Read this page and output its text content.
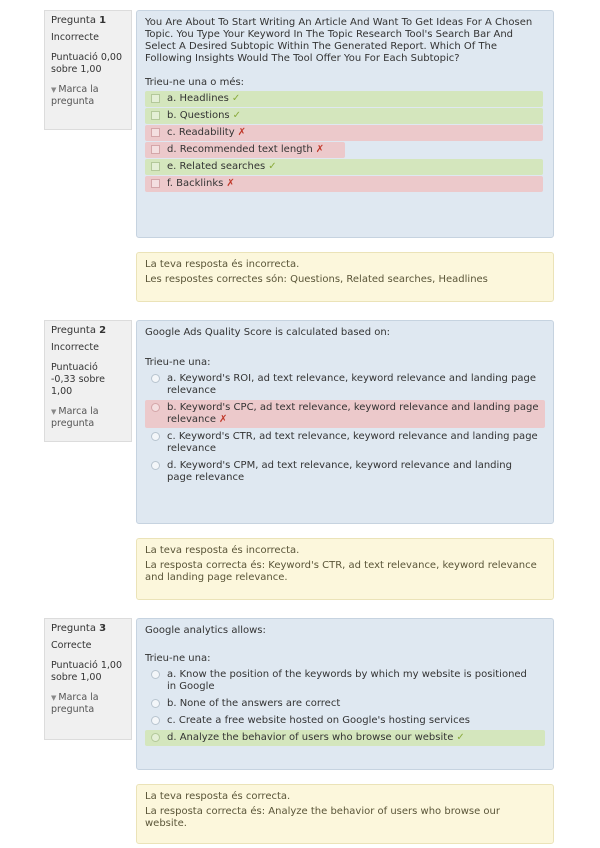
Pregunta 1
Incorrecte
Puntuació 0,00 sobre 1,00
▼ Marca la pregunta
You Are About To Start Writing An Article And Want To Get Ideas For A Chosen Topic. You Type Your Keyword In The Topic Research Tool's Search Bar And Select A Desired Subtopic Within The Generated Report. Which Of The Following Insights Would The Tool Offer You For Each Subtopic?
Trieu-ne una o més:
a. Headlines ✓
b. Questions ✓
c. Readability ✗
d. Recommended text length ✗
e. Related searches ✓
f. Backlinks ✗
La teva resposta és incorrecta.
Les respostes correctes són: Questions, Related searches, Headlines
Pregunta 2
Incorrecte
Puntuació -0,33 sobre 1,00
▼ Marca la pregunta
Google Ads Quality Score is calculated based on:
Trieu-ne una:
a. Keyword's ROI, ad text relevance, keyword relevance and landing page relevance
b. Keyword's CPC, ad text relevance, keyword relevance and landing page relevance ✗
c. Keyword's CTR, ad text relevance, keyword relevance and landing page relevance
d. Keyword's CPM, ad text relevance, keyword relevance and landing page relevance
La teva resposta és incorrecta.
La resposta correcta és: Keyword's CTR, ad text relevance, keyword relevance and landing page relevance.
Pregunta 3
Correcte
Puntuació 1,00 sobre 1,00
▼ Marca la pregunta
Google analytics allows:
Trieu-ne una:
a. Know the position of the keywords by which my website is positioned in Google
b. None of the answers are correct
c. Create a free website hosted on Google's hosting services
d. Analyze the behavior of users who browse our website ✓
La teva resposta és correcta.
La resposta correcta és: Analyze the behavior of users who browse our website.
